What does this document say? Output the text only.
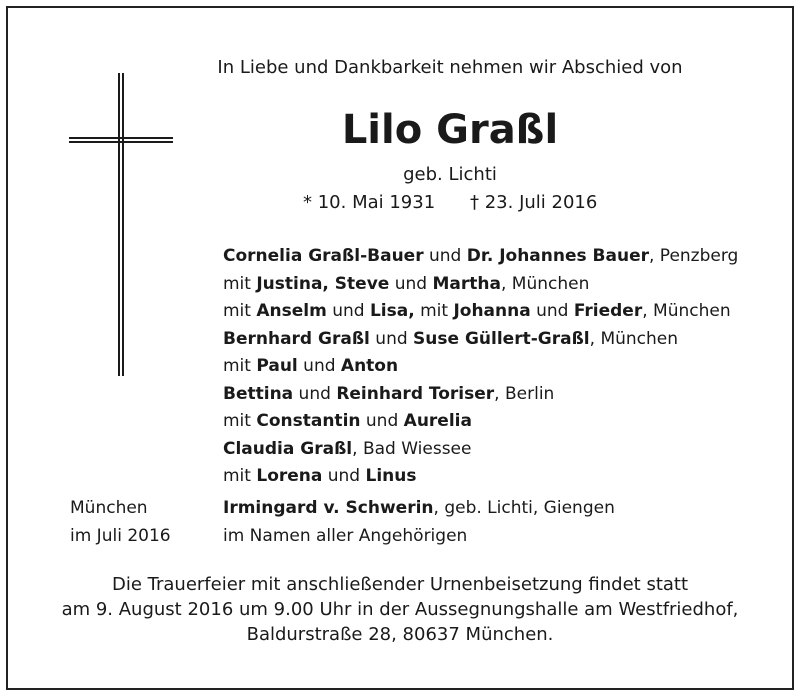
In Liebe und Dankbarkeit nehmen wir Abschied von
Lilo Graßl
geb. Lichti
* 10. Mai 1931 † 23. Juli 2016
Cornelia Graßl-Bauer und Dr. Johannes Bauer, Penzberg
mit Justina, Steve und Martha, München
mit Anselm und Lisa, mit Johanna und Frieder, München
Bernhard Graßl und Suse Güllert-Graßl, München
mit Paul und Anton
Bettina und Reinhard Toriser, Berlin
mit Constantin und Aurelia
Claudia Graßl, Bad Wiessee
mit Lorena und Linus
München
im Juli 2016
Irmingard v. Schwerin, geb. Lichti, Giengen
im Namen aller Angehörigen
Die Trauerfeier mit anschließender Urnenbeisetzung findet statt
am 9. August 2016 um 9.00 Uhr in der Aussegnungshalle am Westfriedhof,
Baldurstraße 28, 80637 München.
